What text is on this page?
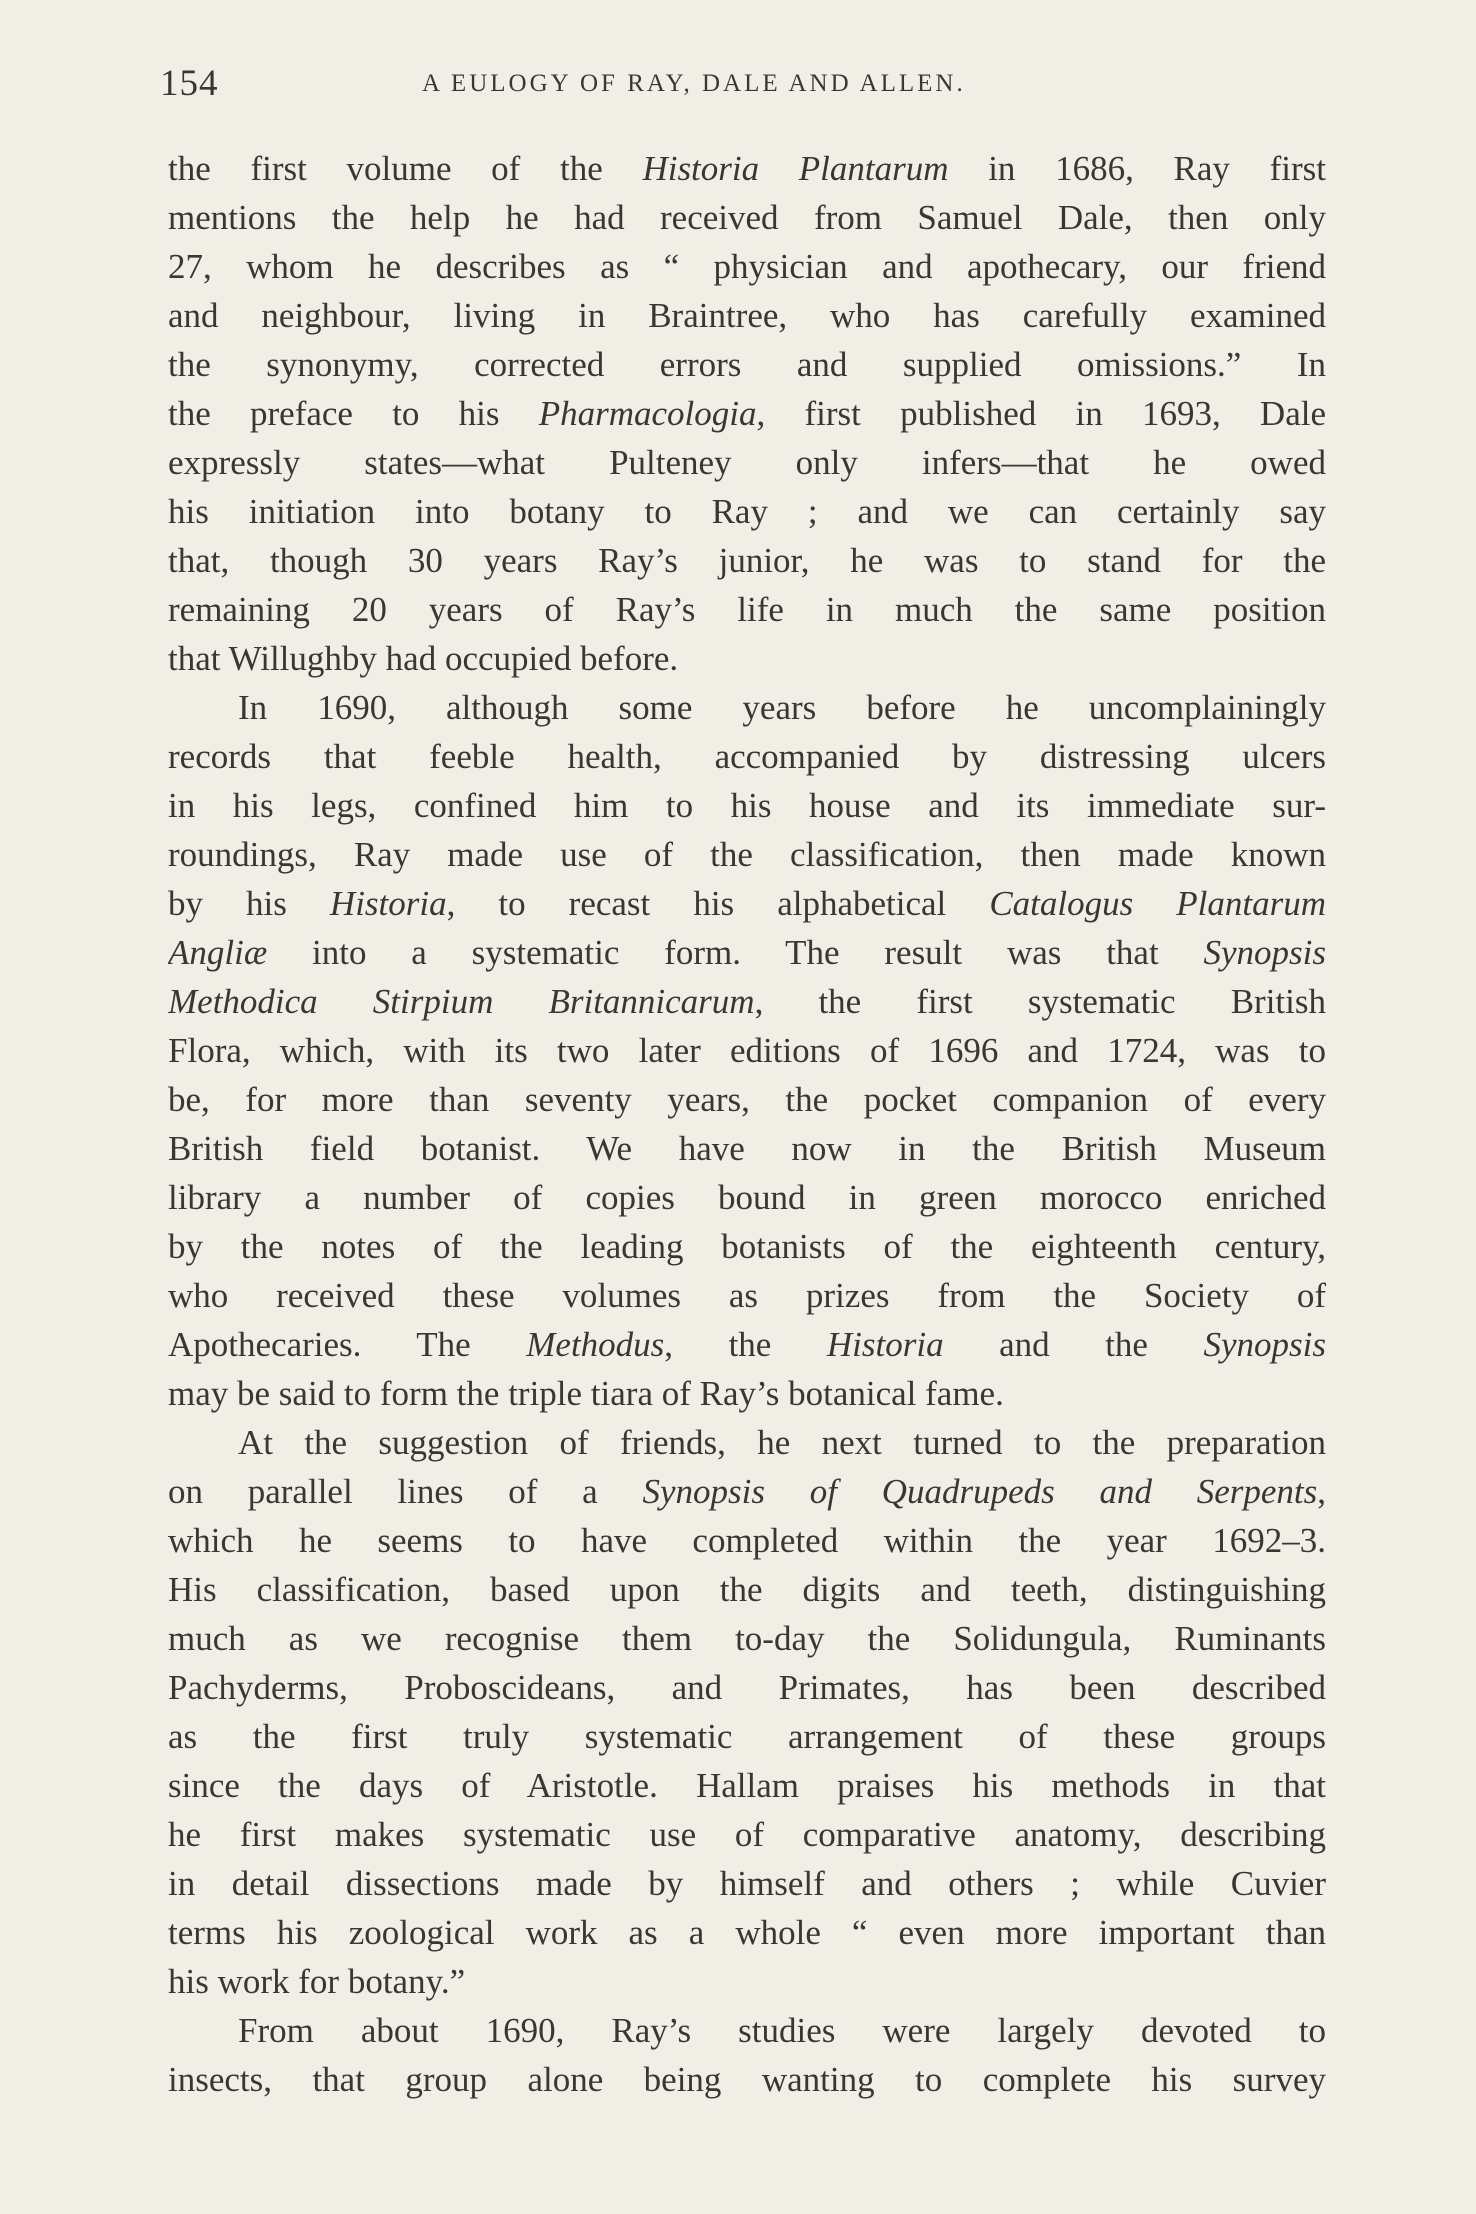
154	A EULOGY OF RAY, DALE AND ALLEN.
the first volume of the Historia Plantarum in 1686, Ray first
mentions the help he had received from Samuel Dale, then only
27, whom he describes as “ physician and apothecary, our friend
and neighbour, living in Braintree, who has carefully examined
the synonymy, corrected errors and supplied omissions.” In
the preface to his Pharmacologia, first published in 1693, Dale
expressly states—what Pulteney only infers—that he owed
his initiation into botany to Ray ; and we can certainly say
that, though 30 years Ray’s junior, he was to stand for the
remaining 20 years of Ray’s life in much the same position
that Willughby had occupied before.
In 1690, although some years before he uncomplainingly
records that feeble health, accompanied by distressing ulcers
in his legs, confined him to his house and its immediate sur-
roundings, Ray made use of the classification, then made known
by his Historia, to recast his alphabetical Catalogus Plantarum
Angliæ into a systematic form. The result was that Synopsis
Methodica Stirpium Britannicarum, the first systematic British
Flora, which, with its two later editions of 1696 and 1724, was to
be, for more than seventy years, the pocket companion of every
British field botanist. We have now in the British Museum
library a number of copies bound in green morocco enriched
by the notes of the leading botanists of the eighteenth century,
who received these volumes as prizes from the Society of
Apothecaries. The Methodus, the Historia and the Synopsis
may be said to form the triple tiara of Ray’s botanical fame.
At the suggestion of friends, he next turned to the preparation
on parallel lines of a Synopsis of Quadrupeds and Serpents,
which he seems to have completed within the year 1692–3.
His classification, based upon the digits and teeth, distinguishing
much as we recognise them to-day the Solidungula, Ruminants
Pachyderms, Proboscideans, and Primates, has been described
as the first truly systematic arrangement of these groups
since the days of Aristotle. Hallam praises his methods in that
he first makes systematic use of comparative anatomy, describing
in detail dissections made by himself and others ; while Cuvier
terms his zoological work as a whole “ even more important than
his work for botany.”
From about 1690, Ray’s studies were largely devoted to
insects, that group alone being wanting to complete his survey
